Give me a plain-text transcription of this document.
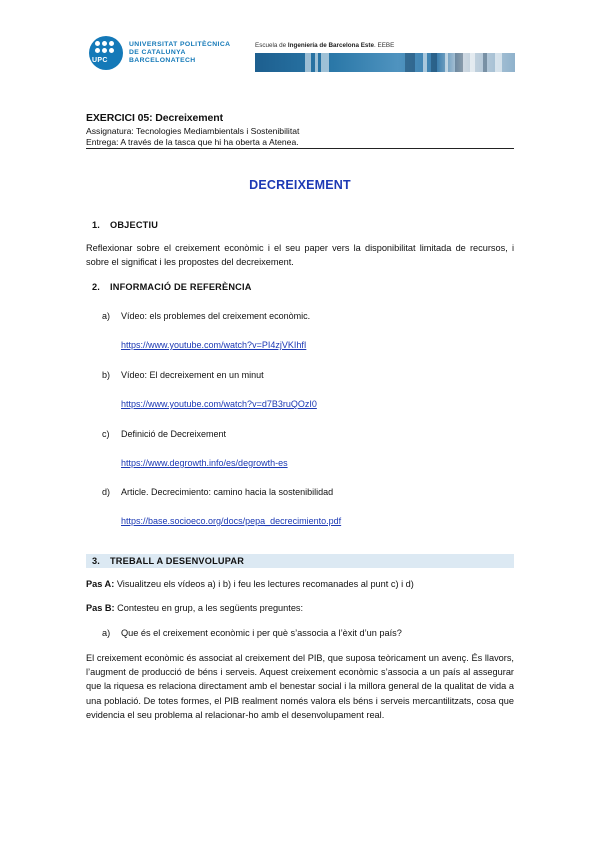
UPC
UNIVERSITAT POLITÈCNICA
DE CATALUNYA
BARCELONATECH
Escuela de Ingeniería de Barcelona Este. EEBE
EXERCICI 05: Decreixement
Assignatura: Tecnologies Mediambientals i Sostenibilitat
Entrega: A través de la tasca que hi ha oberta a Atenea.
DECREIXEMENT
1. OBJECTIU
Reflexionar sobre el creixement econòmic i el seu paper vers la disponibilitat limitada de recursos, i sobre el significat i les propostes del decreixement.
2. INFORMACIÓ DE REFERÈNCIA
a) Vídeo: els problemes del creixement econòmic.
https://www.youtube.com/watch?v=PI4zjVKIhfI
b) Vídeo: El decreixement en un minut
https://www.youtube.com/watch?v=d7B3ruQOzI0
c) Definició de Decreixement
https://www.degrowth.info/es/degrowth-es
d) Article. Decrecimiento: camino hacia la sostenibilidad
https://base.socioeco.org/docs/pepa_decrecimiento.pdf
3. TREBALL A DESENVOLUPAR
Pas A: Visualitzeu els vídeos a) i b) i feu les lectures recomanades al punt c) i d)
Pas B: Contesteu en grup, a les següents preguntes:
a) Que és el creixement econòmic i per què s’associa a l’èxit d’un país?
El creixement econòmic és associat al creixement del PIB, que suposa teòricament un avenç. És llavors, l’augment de producció de béns i serveis. Aquest creixement econòmic s’associa a un país al assegurar que la riquesa es relaciona directament amb el benestar social i la millora general de la qualitat de vida a una població. De totes formes, el PIB realment només valora els béns i serveis mercantilitzats, cosa que evidencia el seu problema al relacionar-ho amb el desenvolupament real.
